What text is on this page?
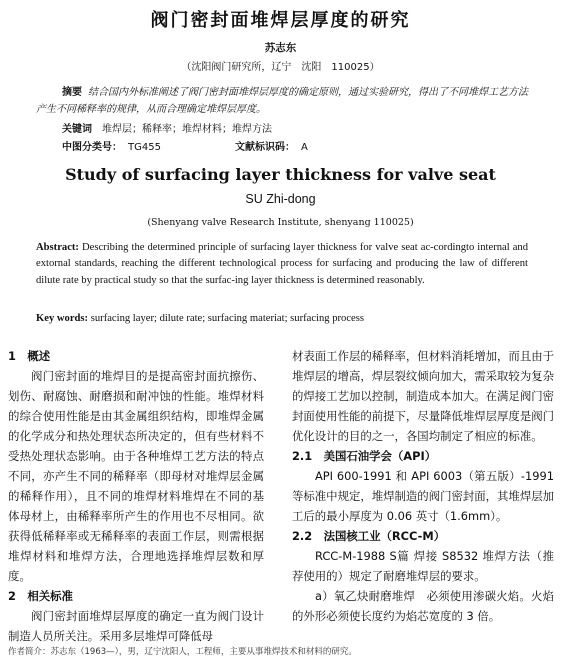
阀门密封面堆焊层厚度的研究
苏志东
（沈阳阀门研究所，辽宁　沈阳　110025）
摘要 结合国内外标准阐述了阀门密封面堆焊层厚度的确定原则，通过实验研究，得出了不同堆焊工艺方法产生不同稀释率的规律，从而合理确定堆焊层厚度。
关键词　 堆焊层；稀释率；堆焊材料；堆焊方法
中图分类号： TG455	文献标识码： A
Study of surfacing layer thickness for valve seat
SU Zhi-dong
(Shenyang valve Research Institute, shenyang 110025)
Abstract: Describing the determined principle of surfacing layer thickness for valve seat ac-cordingto internal and extornal standards, reaching the different technological process for surfacing and producing the law of different dilute rate by practical study so that the surfac-ing layer thickness is determined reasonably.
Key words: surfacing layer; dilute rate; surfacing materiat; surfacing process

1　概述

阀门密封面的堆焊目的是提高密封面抗擦伤、划伤、耐腐蚀、耐磨损和耐冲蚀的性能。堆焊材料的综合使用性能是由其金属组织结构，即堆焊金属的化学成分和热处理状态所决定的，但有些材料不受热处理状态影响。由于各种堆焊工艺方法的特点不同，亦产生不同的稀释率（即母材对堆焊层金属的稀释作用），且不同的堆焊材料堆焊在不同的基体母材上，由稀释率所产生的作用也不尽相同。欲获得低稀释率或无稀释率的表面工作层，则需根据堆焊材料和堆焊方法，合理地选择堆焊层数和厚度。

2　相关标准

阀门密封面堆焊层厚度的确定一直为阀门设计制造人员所关注。采用多层堆焊可降低母

材表面工作层的稀释率，但材料消耗增加，而且由于堆焊层的增高，焊层裂纹倾向加大，需采取较为复杂的焊接工艺加以控制，制造成本加大。在满足阀门密封面使用性能的前提下，尽量降低堆焊层厚度是阀门优化设计的目的之一，各国均制定了相应的标准。

2.1　美国石油学会（API）

API 600-1991 和 API 6003（第五版）-1991 等标准中规定，堆焊制造的阀门密封面，其堆焊层加工后的最小厚度为 0.06 英寸（1.6mm）。

2.2　法国核工业（RCC-M）

RCC-M-1988 S篇 焊接 S8532 堆焊方法（推荐使用的）规定了耐磨堆焊层的要求。

a）氧乙炔耐磨堆焊　必须使用渗碳火焰。火焰的外形必须使长度约为焰芯宽度的 3 倍。

作者简介：苏志东（1963—），男，辽宁沈阳人，工程师，主要从事堆焊技术和材料的研究。
